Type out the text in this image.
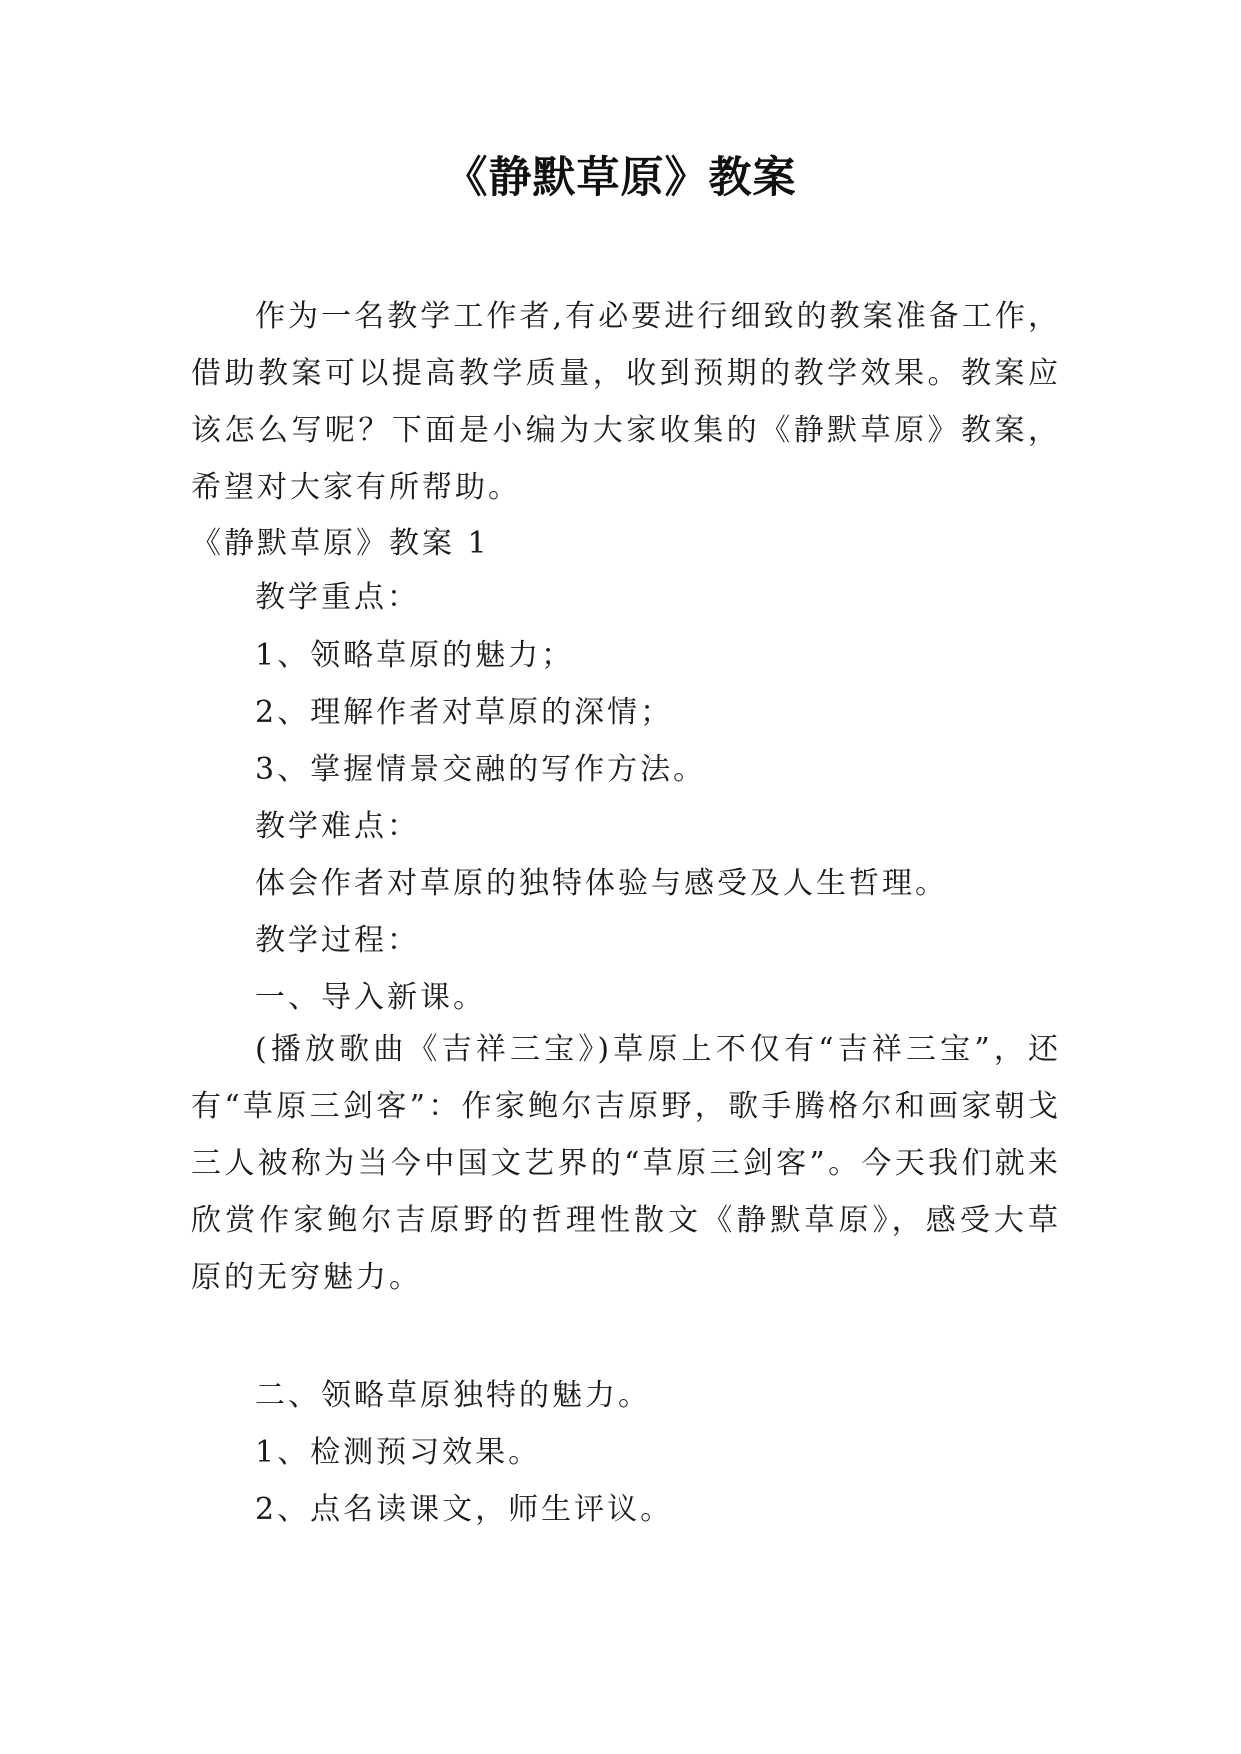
《静默草原》教案

作为一名教学工作者,有必要进行细致的教案准备工作，借助教案可以提高教学质量，收到预期的教学效果。教案应该怎么写呢？下面是小编为大家收集的《静默草原》教案，希望对大家有所帮助。

《静默草原》教案 1
教学重点：
1、领略草原的魅力；
2、理解作者对草原的深情；
3、掌握情景交融的写作方法。
教学难点：
体会作者对草原的独特体验与感受及人生哲理。
教学过程：
一、导入新课。

(播放歌曲《吉祥三宝》)草原上不仅有“吉祥三宝”，还有“草原三剑客”：作家鲍尔吉原野，歌手腾格尔和画家朝戈三人被称为当今中国文艺界的“草原三剑客”。今天我们就来欣赏作家鲍尔吉原野的哲理性散文《静默草原》，感受大草原的无穷魅力。

二、领略草原独特的魅力。
1、检测预习效果。
2、点名读课文，师生评议。
